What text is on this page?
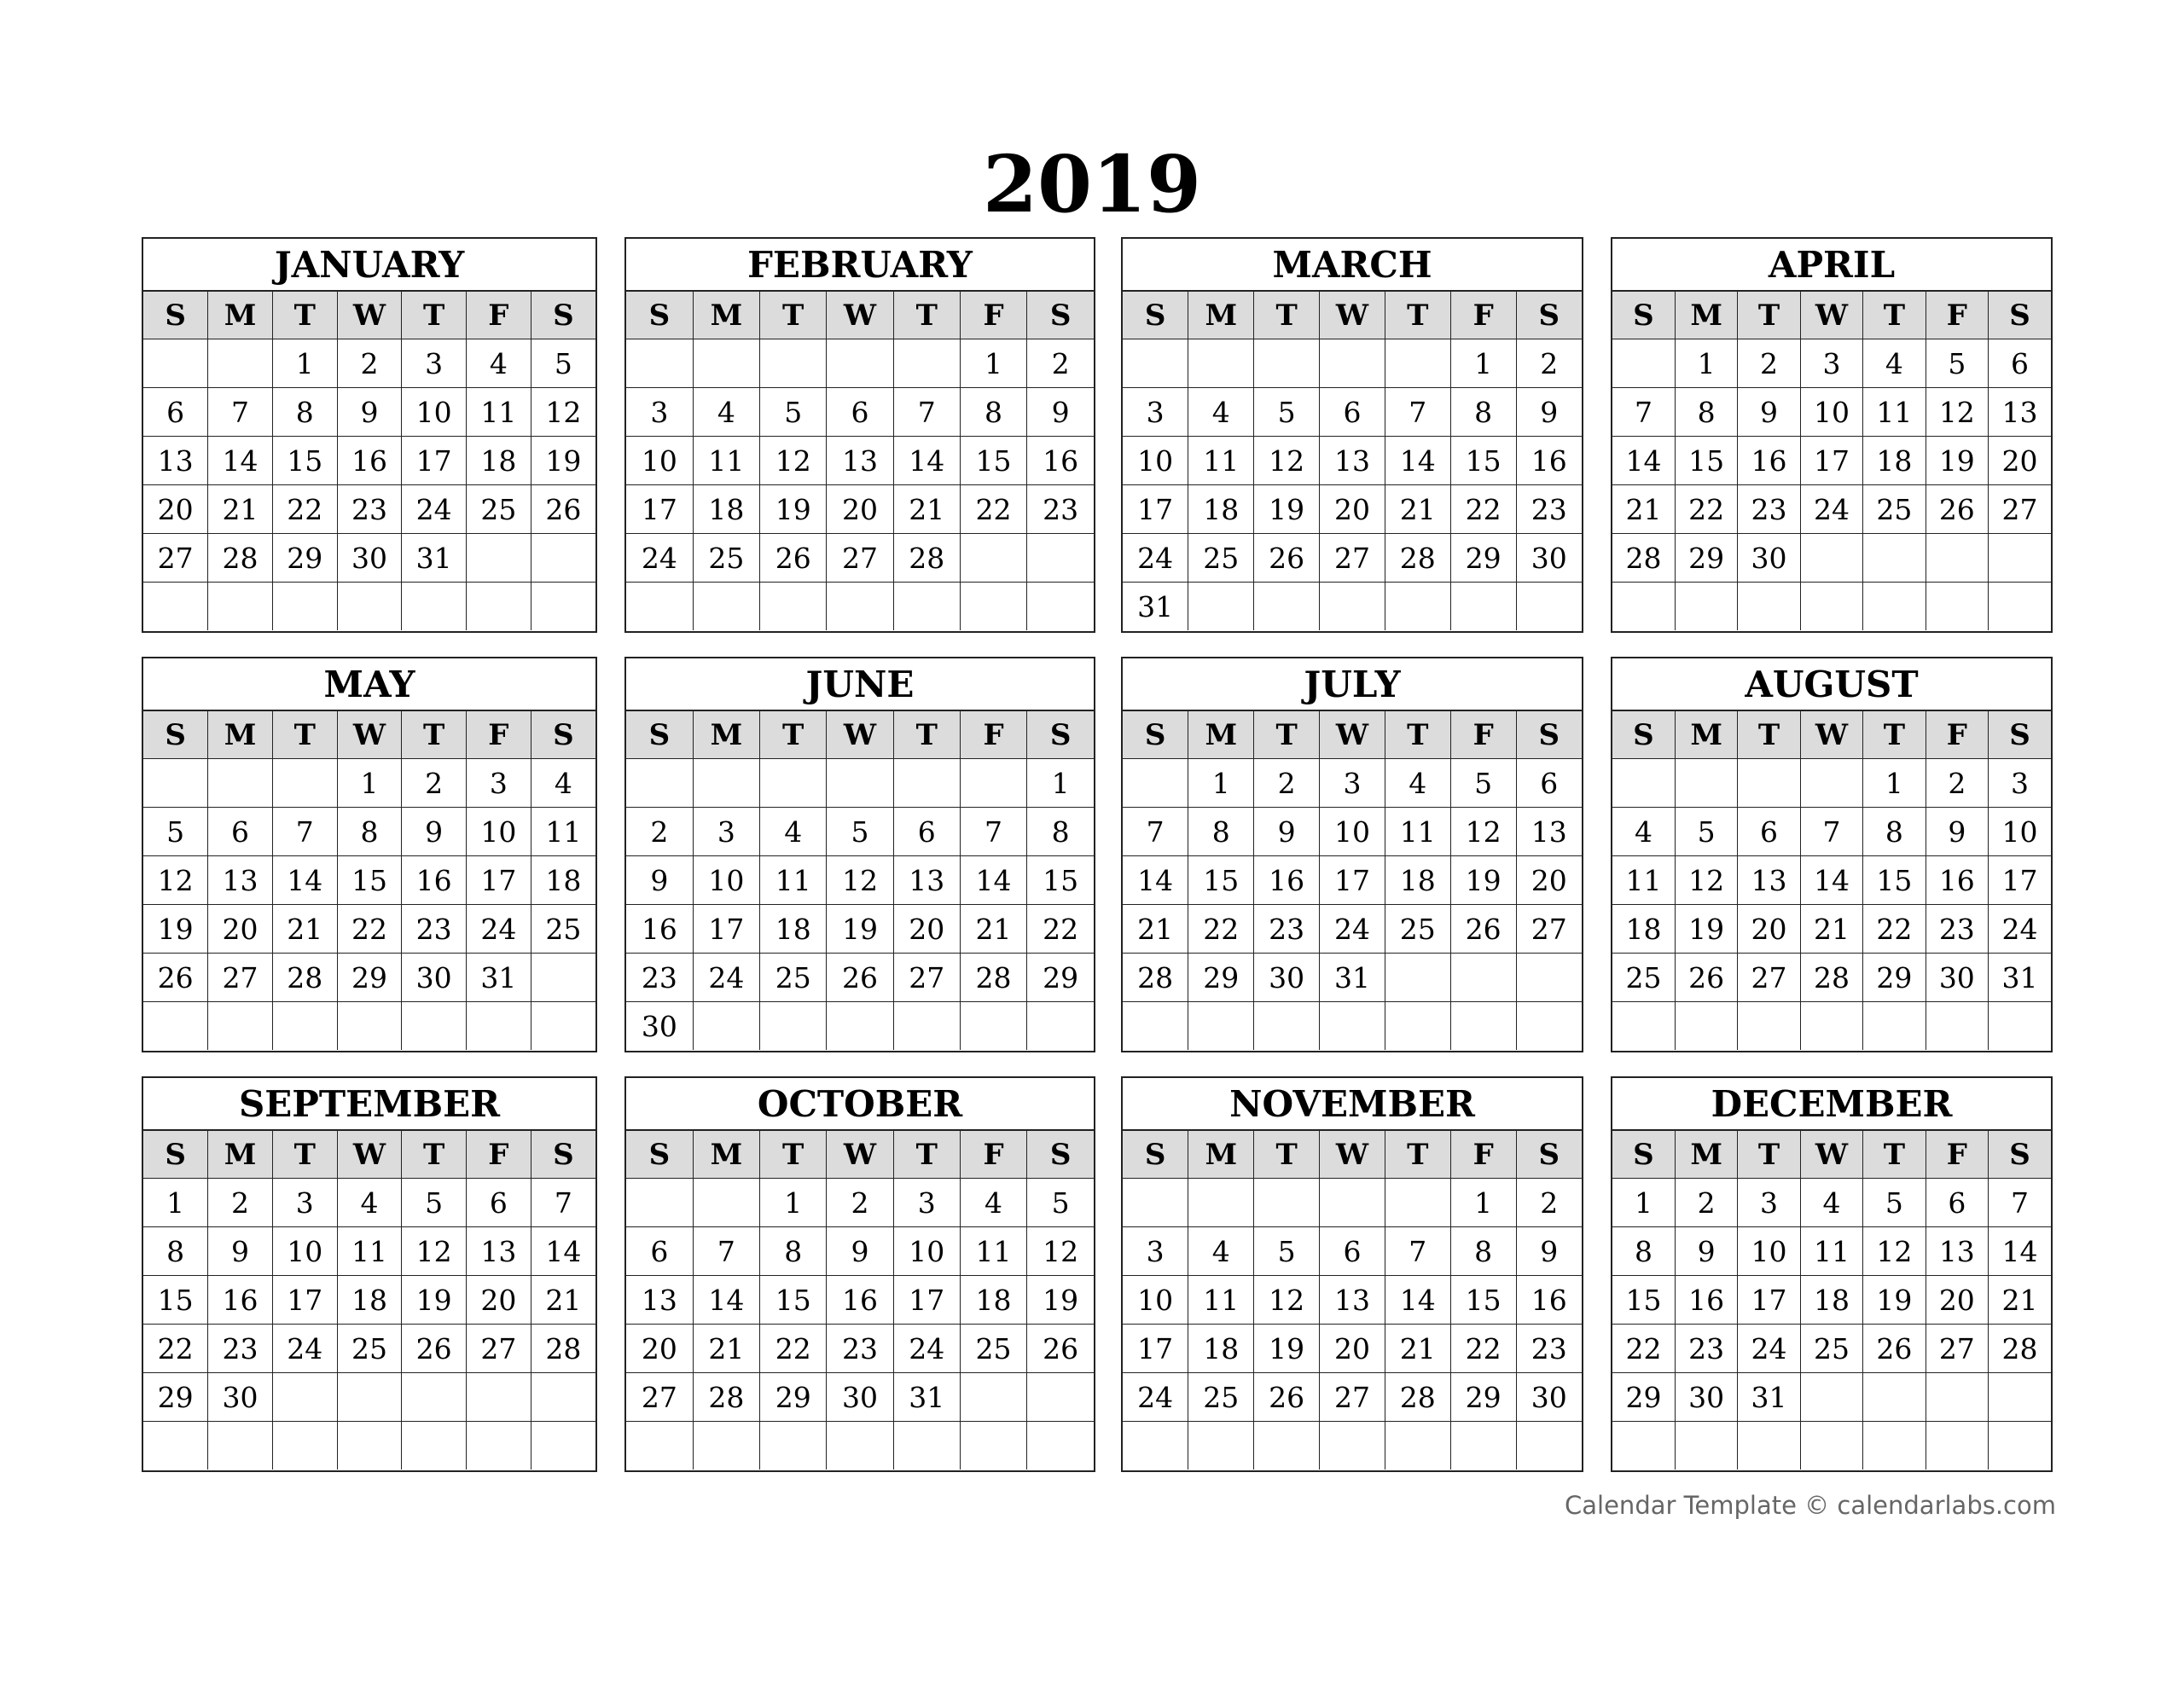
2019
JANUARY
S	M	T	W	T	F	S
		1	2	3	4	5
6	7	8	9	10	11	12
13	14	15	16	17	18	19
20	21	22	23	24	25	26
27	28	29	30	31		

FEBRUARY
S	M	T	W	T	F	S
					1	2
3	4	5	6	7	8	9
10	11	12	13	14	15	16
17	18	19	20	21	22	23
24	25	26	27	28		

MARCH
S	M	T	W	T	F	S
					1	2
3	4	5	6	7	8	9
10	11	12	13	14	15	16
17	18	19	20	21	22	23
24	25	26	27	28	29	30
31						
APRIL
S	M	T	W	T	F	S
	1	2	3	4	5	6
7	8	9	10	11	12	13
14	15	16	17	18	19	20
21	22	23	24	25	26	27
28	29	30				

MAY
S	M	T	W	T	F	S
			1	2	3	4
5	6	7	8	9	10	11
12	13	14	15	16	17	18
19	20	21	22	23	24	25
26	27	28	29	30	31	

JUNE
S	M	T	W	T	F	S
						1
2	3	4	5	6	7	8
9	10	11	12	13	14	15
16	17	18	19	20	21	22
23	24	25	26	27	28	29
30						
JULY
S	M	T	W	T	F	S
	1	2	3	4	5	6
7	8	9	10	11	12	13
14	15	16	17	18	19	20
21	22	23	24	25	26	27
28	29	30	31			

AUGUST
S	M	T	W	T	F	S
				1	2	3
4	5	6	7	8	9	10
11	12	13	14	15	16	17
18	19	20	21	22	23	24
25	26	27	28	29	30	31

SEPTEMBER
S	M	T	W	T	F	S
1	2	3	4	5	6	7
8	9	10	11	12	13	14
15	16	17	18	19	20	21
22	23	24	25	26	27	28
29	30					

OCTOBER
S	M	T	W	T	F	S
		1	2	3	4	5
6	7	8	9	10	11	12
13	14	15	16	17	18	19
20	21	22	23	24	25	26
27	28	29	30	31		

NOVEMBER
S	M	T	W	T	F	S
					1	2
3	4	5	6	7	8	9
10	11	12	13	14	15	16
17	18	19	20	21	22	23
24	25	26	27	28	29	30

DECEMBER
S	M	T	W	T	F	S
1	2	3	4	5	6	7
8	9	10	11	12	13	14
15	16	17	18	19	20	21
22	23	24	25	26	27	28
29	30	31				

Calendar Template © calendarlabs.com
